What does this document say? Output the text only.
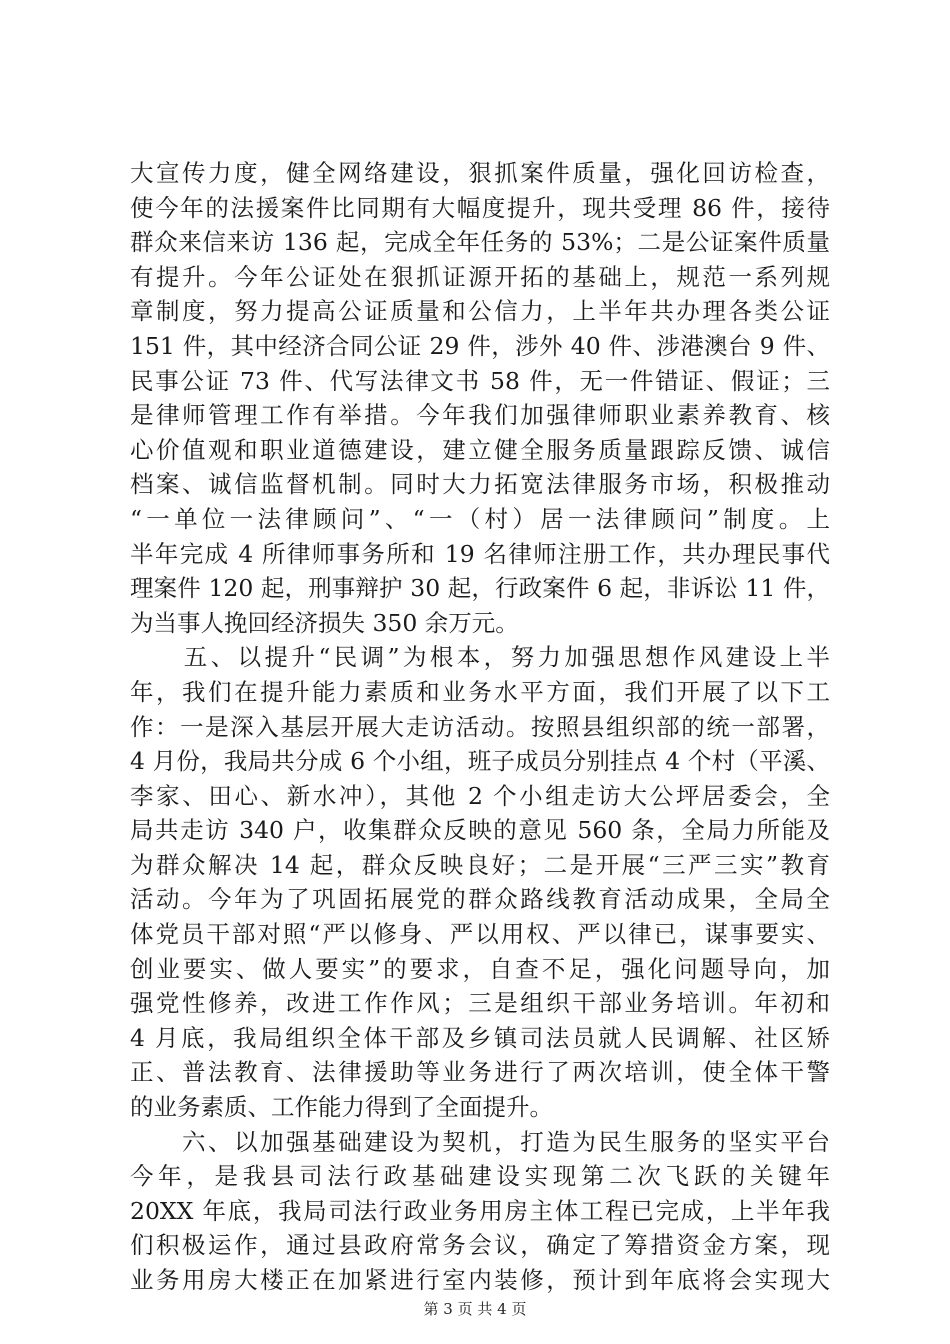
大宣传力度，健全网络建设，狠抓案件质量，强化回访检查，
使今年的法援案件比同期有大幅度提升，现共受理 86 件，接待
群众来信来访 136 起，完成全年任务的 53%；二是公证案件质量
有提升。今年公证处在狠抓证源开拓的基础上，规范一系列规
章制度，努力提高公证质量和公信力，上半年共办理各类公证
151 件，其中经济合同公证 29 件，涉外 40 件、涉港澳台 9 件、
民事公证 73 件、代写法律文书 58 件，无一件错证、假证；三
是律师管理工作有举措。今年我们加强律师职业素养教育、核
心价值观和职业道德建设，建立健全服务质量跟踪反馈、诚信
档案、诚信监督机制。同时大力拓宽法律服务市场，积极推动
“一单位一法律顾问”、“一（村）居一法律顾问”制度。上
半年完成 4 所律师事务所和 19 名律师注册工作，共办理民事代
理案件 120 起，刑事辩护 30 起，行政案件 6 起，非诉讼 11 件，
为当事人挽回经济损失 350 余万元。
　　五、以提升“民调”为根本，努力加强思想作风建设上半
年，我们在提升能力素质和业务水平方面，我们开展了以下工
作：一是深入基层开展大走访活动。按照县组织部的统一部署，
4 月份，我局共分成 6 个小组，班子成员分别挂点 4 个村（平溪、
李家、田心、新水冲），其他 2 个小组走访大公坪居委会，全
局共走访 340 户，收集群众反映的意见 560 条，全局力所能及
为群众解决 14 起，群众反映良好；二是开展“三严三实”教育
活动。今年为了巩固拓展党的群众路线教育活动成果，全局全
体党员干部对照“严以修身、严以用权、严以律已，谋事要实、
创业要实、做人要实”的要求，自查不足，强化问题导向，加
强党性修养，改进工作作风；三是组织干部业务培训。年初和
4 月底，我局组织全体干部及乡镇司法员就人民调解、社区矫
正、普法教育、法律援助等业务进行了两次培训，使全体干警
的业务素质、工作能力得到了全面提升。
　　六、以加强基础建设为契机，打造为民生服务的坚实平台
今年，是我县司法行政基础建设实现第二次飞跃的关键年
20XX 年底，我局司法行政业务用房主体工程已完成，上半年我
们积极运作，通过县政府常务会议，确定了筹措资金方案，现
业务用房大楼正在加紧进行室内装修，预计到年底将会实现大
第 3 页 共 4 页
